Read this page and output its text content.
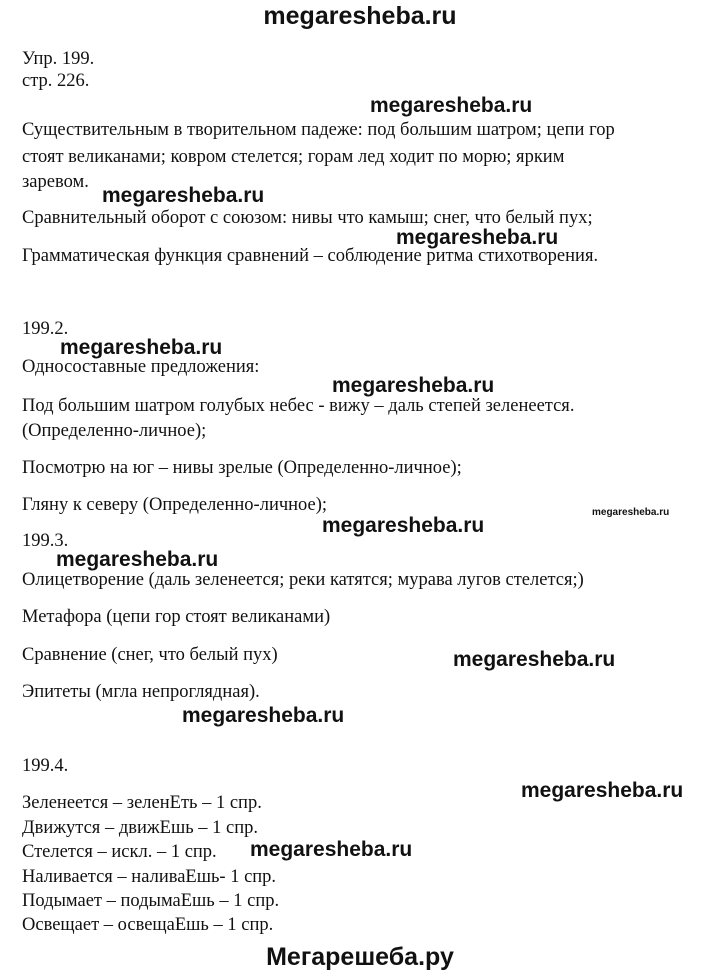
megaresheba.ru
Упр. 199.
стр. 226.
Существительным в творительном падеже: под большим шатром; цепи гор
стоят великанами; ковром стелется; горам лед ходит по морю; ярким
заревом.
Сравнительный оборот с союзом: нивы что камыш; снег, что белый пух;
Грамматическая функция сравнений – соблюдение ритма стихотворения.
199.2.
Односоставные предложения:
Под большим шатром голубых небес - вижу – даль степей зеленеется.
(Определенно-личное);
Посмотрю на юг – нивы зрелые (Определенно-личное);
Гляну к северу (Определенно-личное);
199.3.
Олицетворение (даль зеленеется; реки катятся; мурава лугов стелется;)
Метафора (цепи гор стоят великанами)
Сравнение (снег, что белый пух)
Эпитеты (мгла непроглядная).
199.4.
Зеленеется – зеленЕть – 1 спр.
Движутся – движЕшь – 1 спр.
Стелется – искл. – 1 спр.
Наливается – наливаЕшь- 1 спр.
Подымает – подымаЕшь – 1 спр.
Освещает – освещаЕшь – 1 спр.
megaresheba.ru
megaresheba.ru
megaresheba.ru
megaresheba.ru
megaresheba.ru
megaresheba.ru
megaresheba.ru
megaresheba.ru
megaresheba.ru
megaresheba.ru
megaresheba.ru
megaresheba.ru
Мегарешеба.ру
